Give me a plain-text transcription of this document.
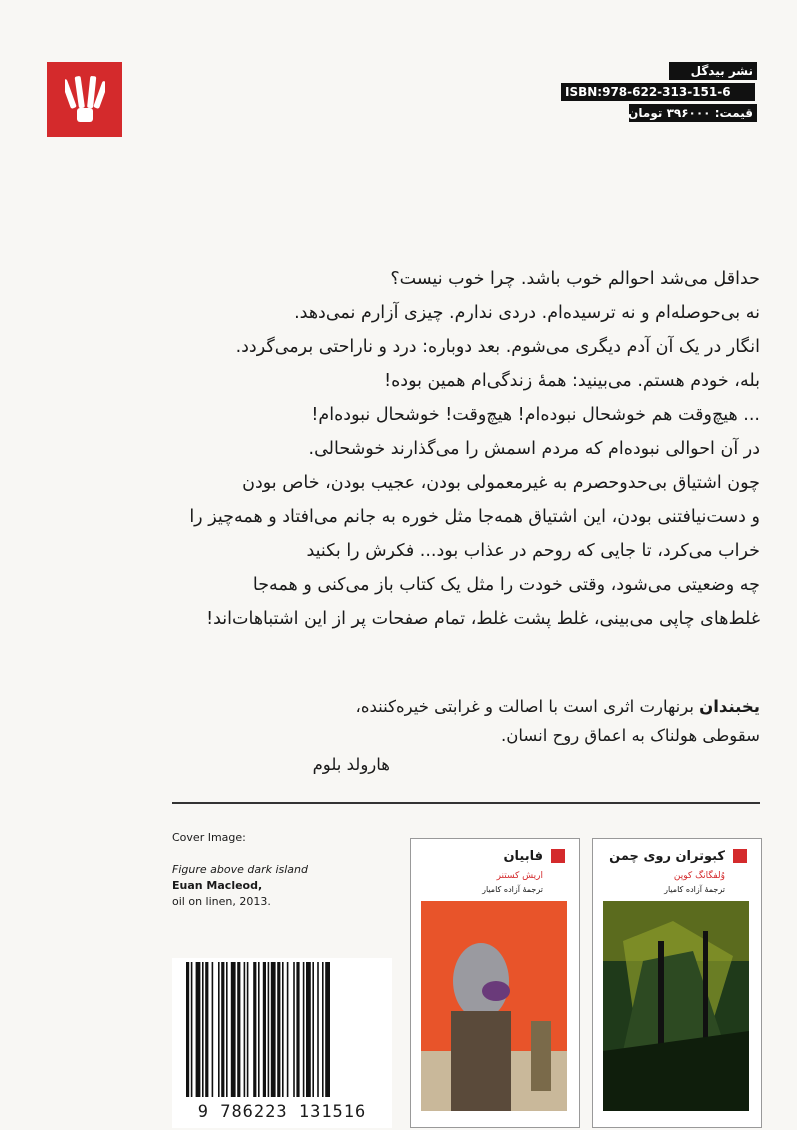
نشر بیدگل
ISBN:978-622-313-151-6
قیمت: ۳۹۶۰۰۰ تومان

حداقل می‌شد احوالم خوب باشد. چرا خوب نیست؟

نه بی‌حوصله‌ام و نه ترسیده‌ام. دردی ندارم. چیزی آزارم نمی‌دهد.

انگار در یک آن آدم دیگری می‌شوم. بعد دوباره: درد و ناراحتی برمی‌گردد.

بله، خودم هستم. می‌بینید: همهٔ زندگی‌ام همین بوده!

... هیچ‌وقت هم خوشحال نبوده‌ام! هیچ‌وقت! خوشحال نبوده‌ام!

در آن احوالی نبوده‌ام که مردم اسمش را می‌گذارند خوشحالی.

چون اشتیاق بی‌حدوحصرم به غیرمعمولی بودن، عجیب بودن، خاص بودن

و دست‌نیافتنی بودن، این اشتیاق همه‌جا مثل خوره به جانم می‌افتاد و همه‌چیز را

خراب می‌کرد، تا جایی که روحم در عذاب بود... فکرش را بکنید

چه وضعیتی می‌شود، وقتی خودت را مثل یک کتاب باز می‌کنی و همه‌جا

غلط‌های چاپی می‌بینی، غلط پشت غلط، تمام صفحات پر از این اشتباهات‌اند!

یخبندان برنهارت اثری است با اصالت و غرابتی خیره‌کننده،

سقوطی هولناک به اعماق روح انسان.

هارولد بلوم

Cover Image:

Figure above dark island

Euan Macleod,

oil on linen, 2013.

9 786223 131516
کبوتران روی چمن
وُلفگانگ کوپن
ترجمهٔ آزاده کامیار
فابیان
اریش کستنر
ترجمهٔ آزاده کامیار
